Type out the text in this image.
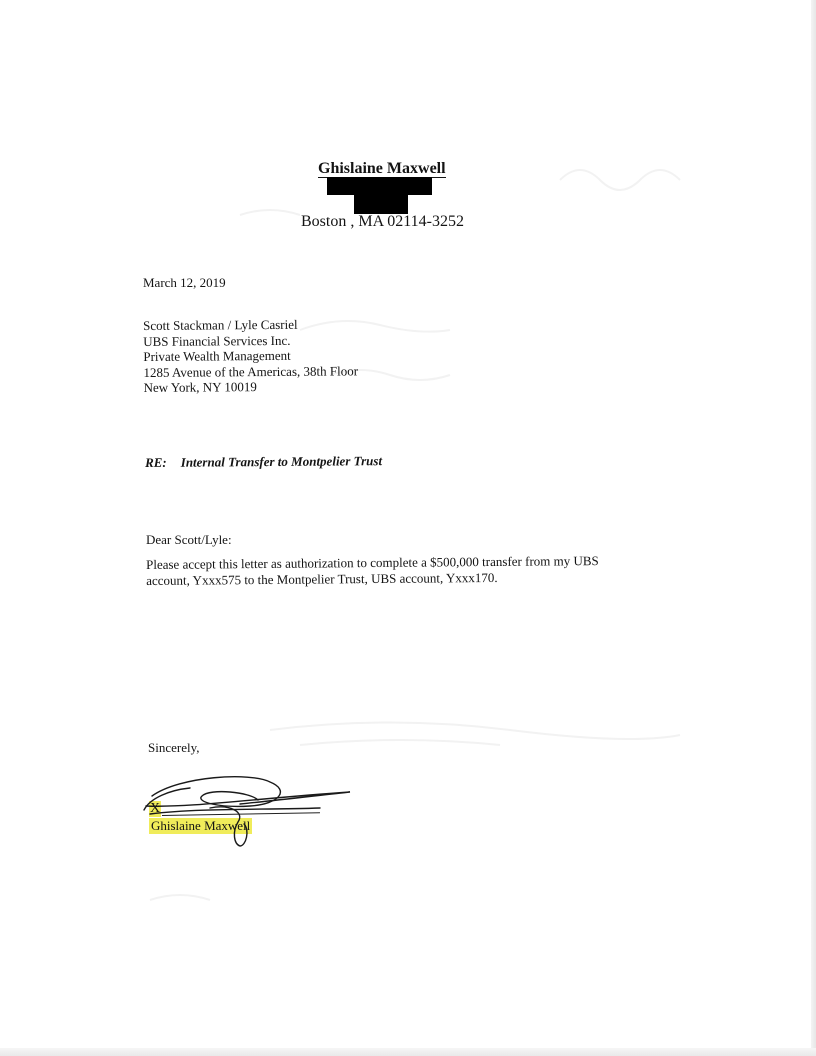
Ghislaine Maxwell
Boston , MA 02114-3252
March 12, 2019
Scott Stackman / Lyle Casriel
UBS Financial Services Inc.
Private Wealth Management
1285 Avenue of the Americas, 38th Floor
New York, NY 10019
RE: Internal Transfer to Montpelier Trust
Dear Scott/Lyle:
Please accept this letter as authorization to complete a $500,000 transfer from my UBS
account, Yxxx575 to the Montpelier Trust, UBS account, Yxxx170.
Sincerely,
X
Ghislaine Maxwell
